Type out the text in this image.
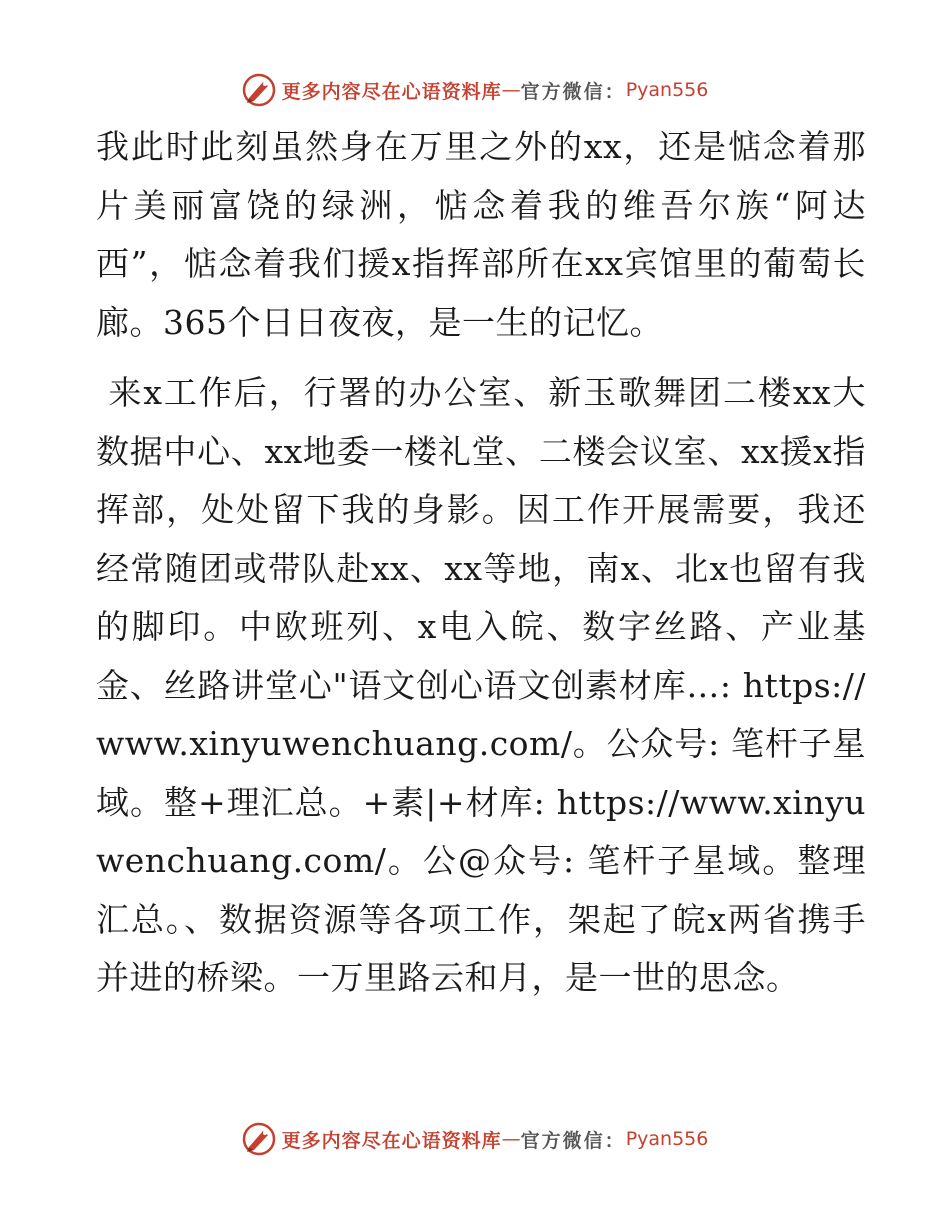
更多内容尽在心语资料库 — 官方微信： Pyan556

我此时此刻虽然身在万里之外的xx，还是惦念着那片美丽富饶的绿洲，惦念着我的维吾尔族“阿达西”，惦念着我们援x指挥部所在xx宾馆里的葡萄长廊。365个日日夜夜，是一生的记忆。

来x工作后，行署的办公室、新玉歌舞团二楼xx大数据中心、xx地委一楼礼堂、二楼会议室、xx援x指挥部，处处留下我的身影。因工作开展需要，我还经常随团或带队赴xx、xx等地，南x、北x也留有我的脚印。中欧班列、x电入皖、数字丝路、产业基金、丝路讲堂心"语文创心语文创素材库…: https://www.xinyuwenchuang.com/。公众号: 笔杆子星域。整+理汇总。+素|+材库: https://www.xinyuwenchuang.com/。公@众号: 笔杆子星域。整理汇总。、数据资源等各项工作，架起了皖x两省携手并进的桥梁。一万里路云和月，是一世的思念。

更多内容尽在心语资料库 — 官方微信： Pyan556
